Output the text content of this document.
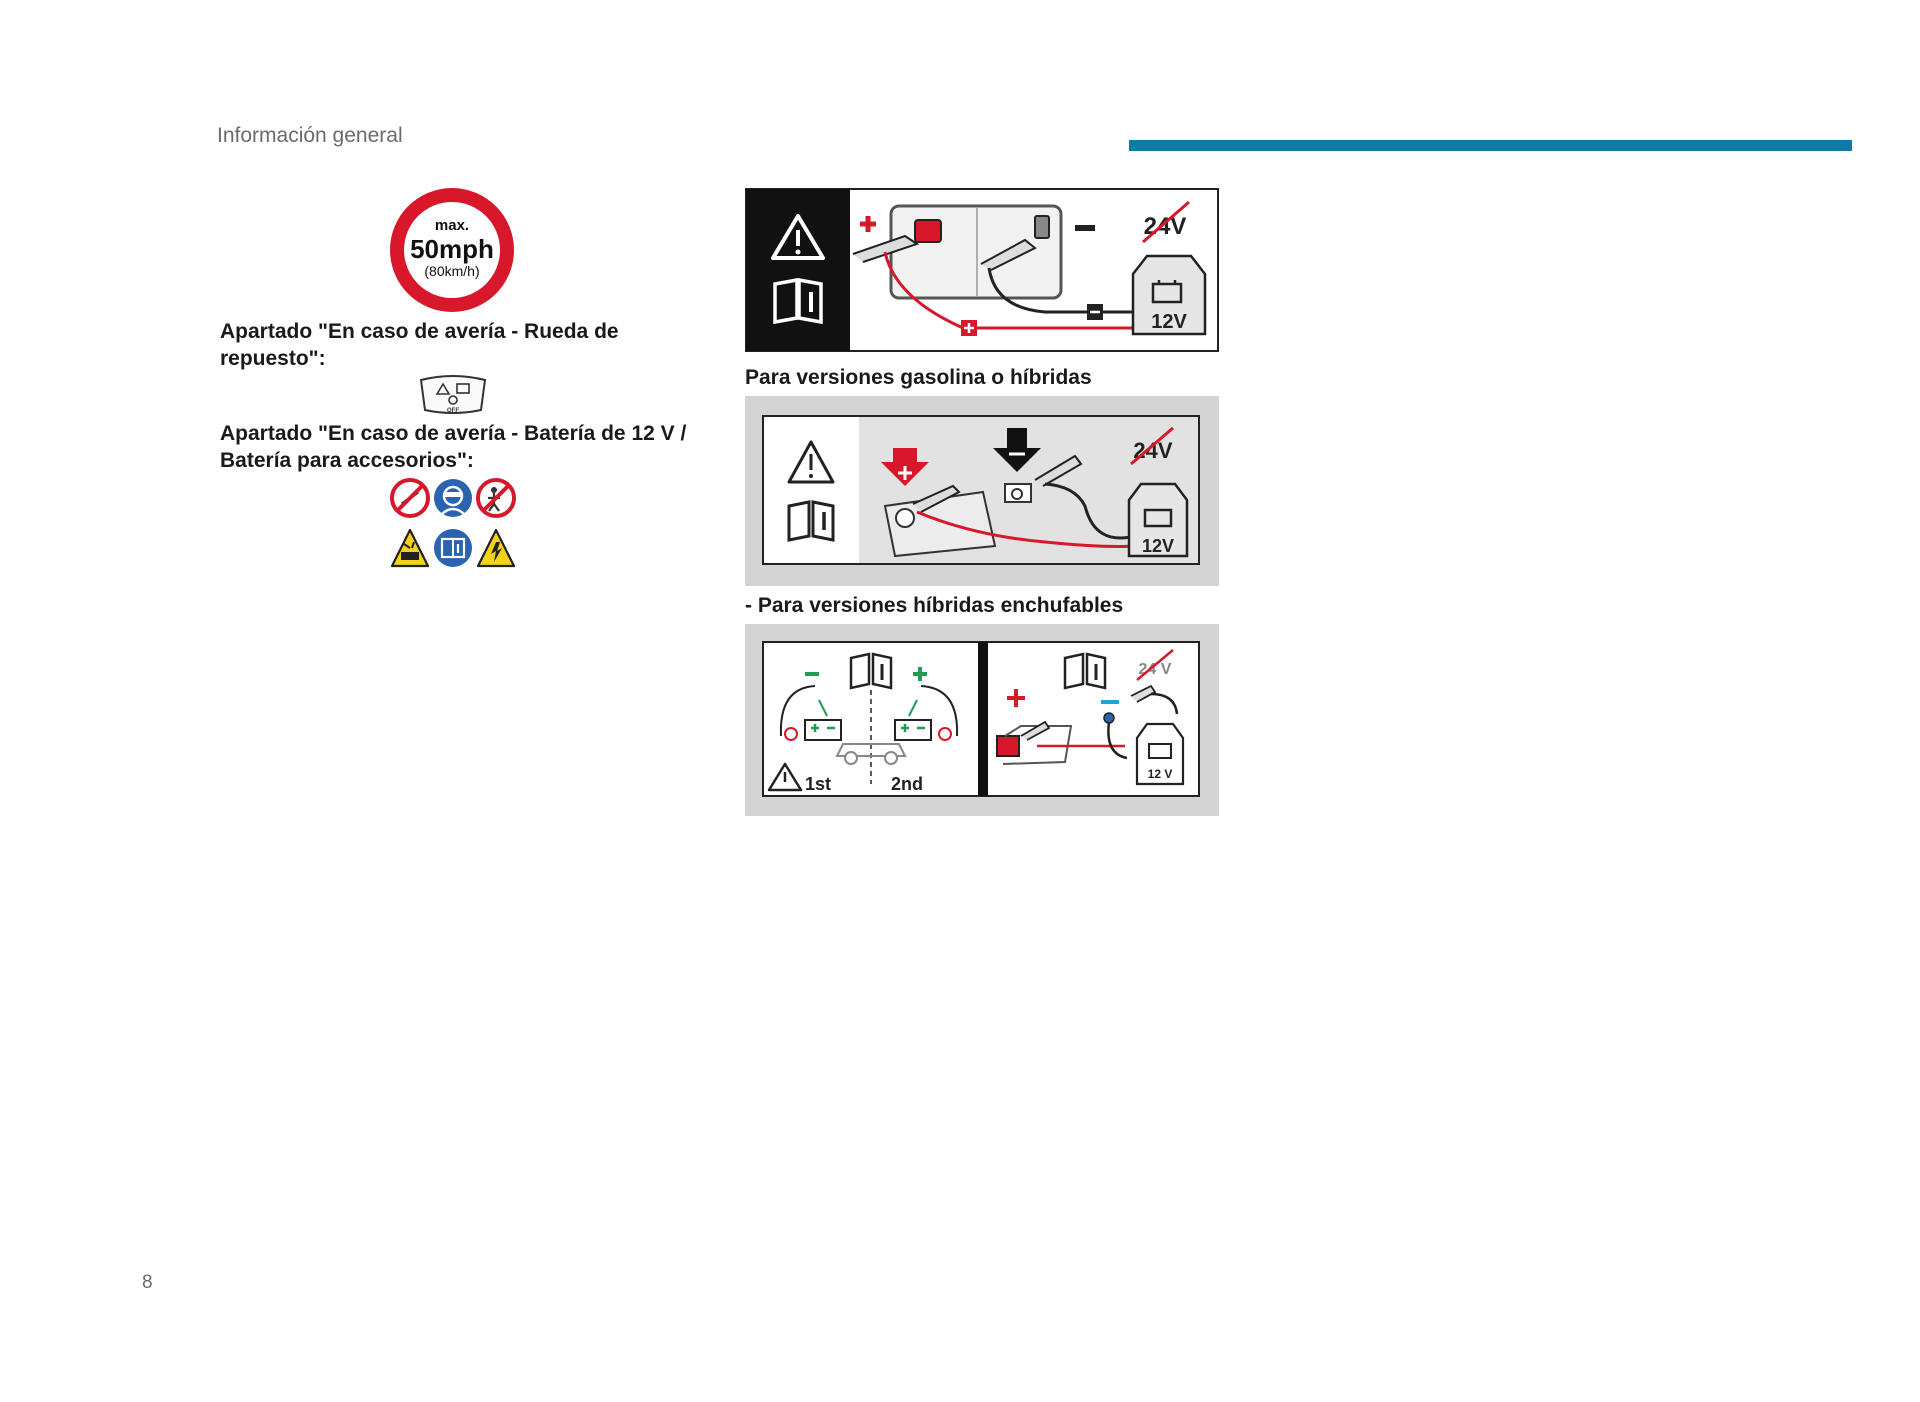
Información general
max.
50mph
(80km/h)
Apartado "En caso de avería - Rueda de repuesto":
OFF
Apartado "En caso de avería - Batería de 12 V / Batería para accesorios":
12V
24V
Para versiones gasolina o híbridas
12V
24V
- Para versiones híbridas enchufables
1st	2nd
24 V
12 V
8
